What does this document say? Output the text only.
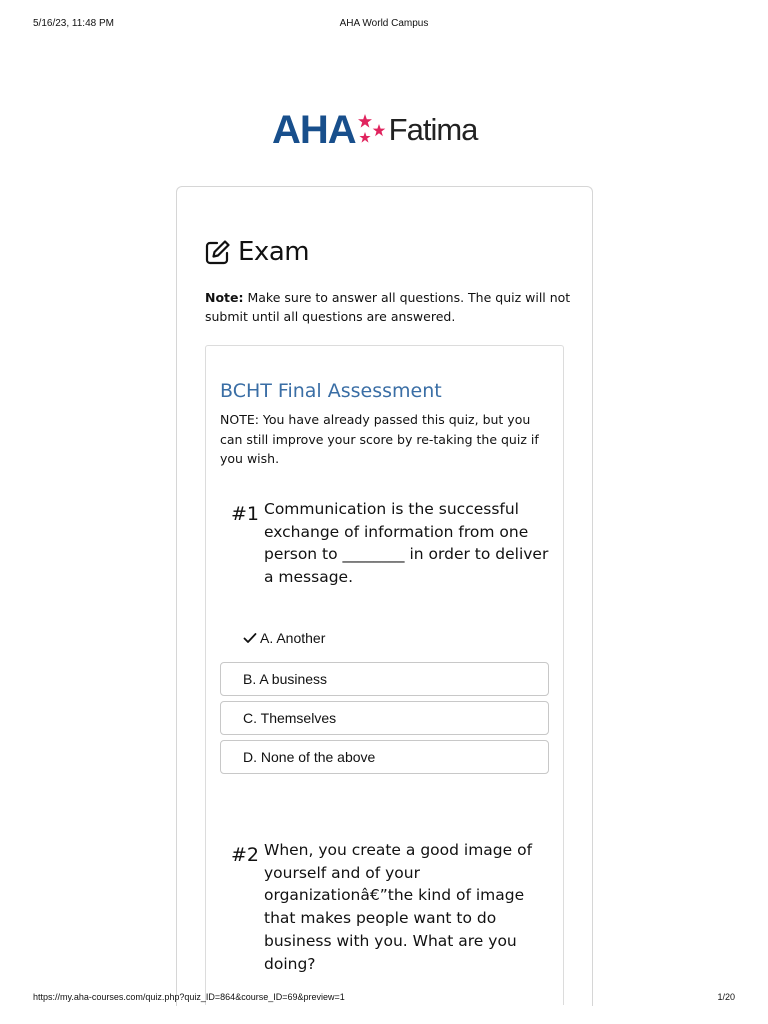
5/16/23, 11:48 PM	AHA World Campus
AHA Fatima
Exam
Note: Make sure to answer all questions. The quiz will not submit until all questions are answered.
BCHT Final Assessment
NOTE: You have already passed this quiz, but you can still improve your score by re-taking the quiz if you wish.
#1 Communication is the successful exchange of information from one person to ________ in order to deliver a message.
A. Another
B. A business
C. Themselves
D. None of the above
#2 When, you create a good image of yourself and of your organizationâ€”the kind of image that makes people want to do business with you. What are you doing?
https://my.aha-courses.com/quiz.php?quiz_ID=864&course_ID=69&preview=1	1/20
